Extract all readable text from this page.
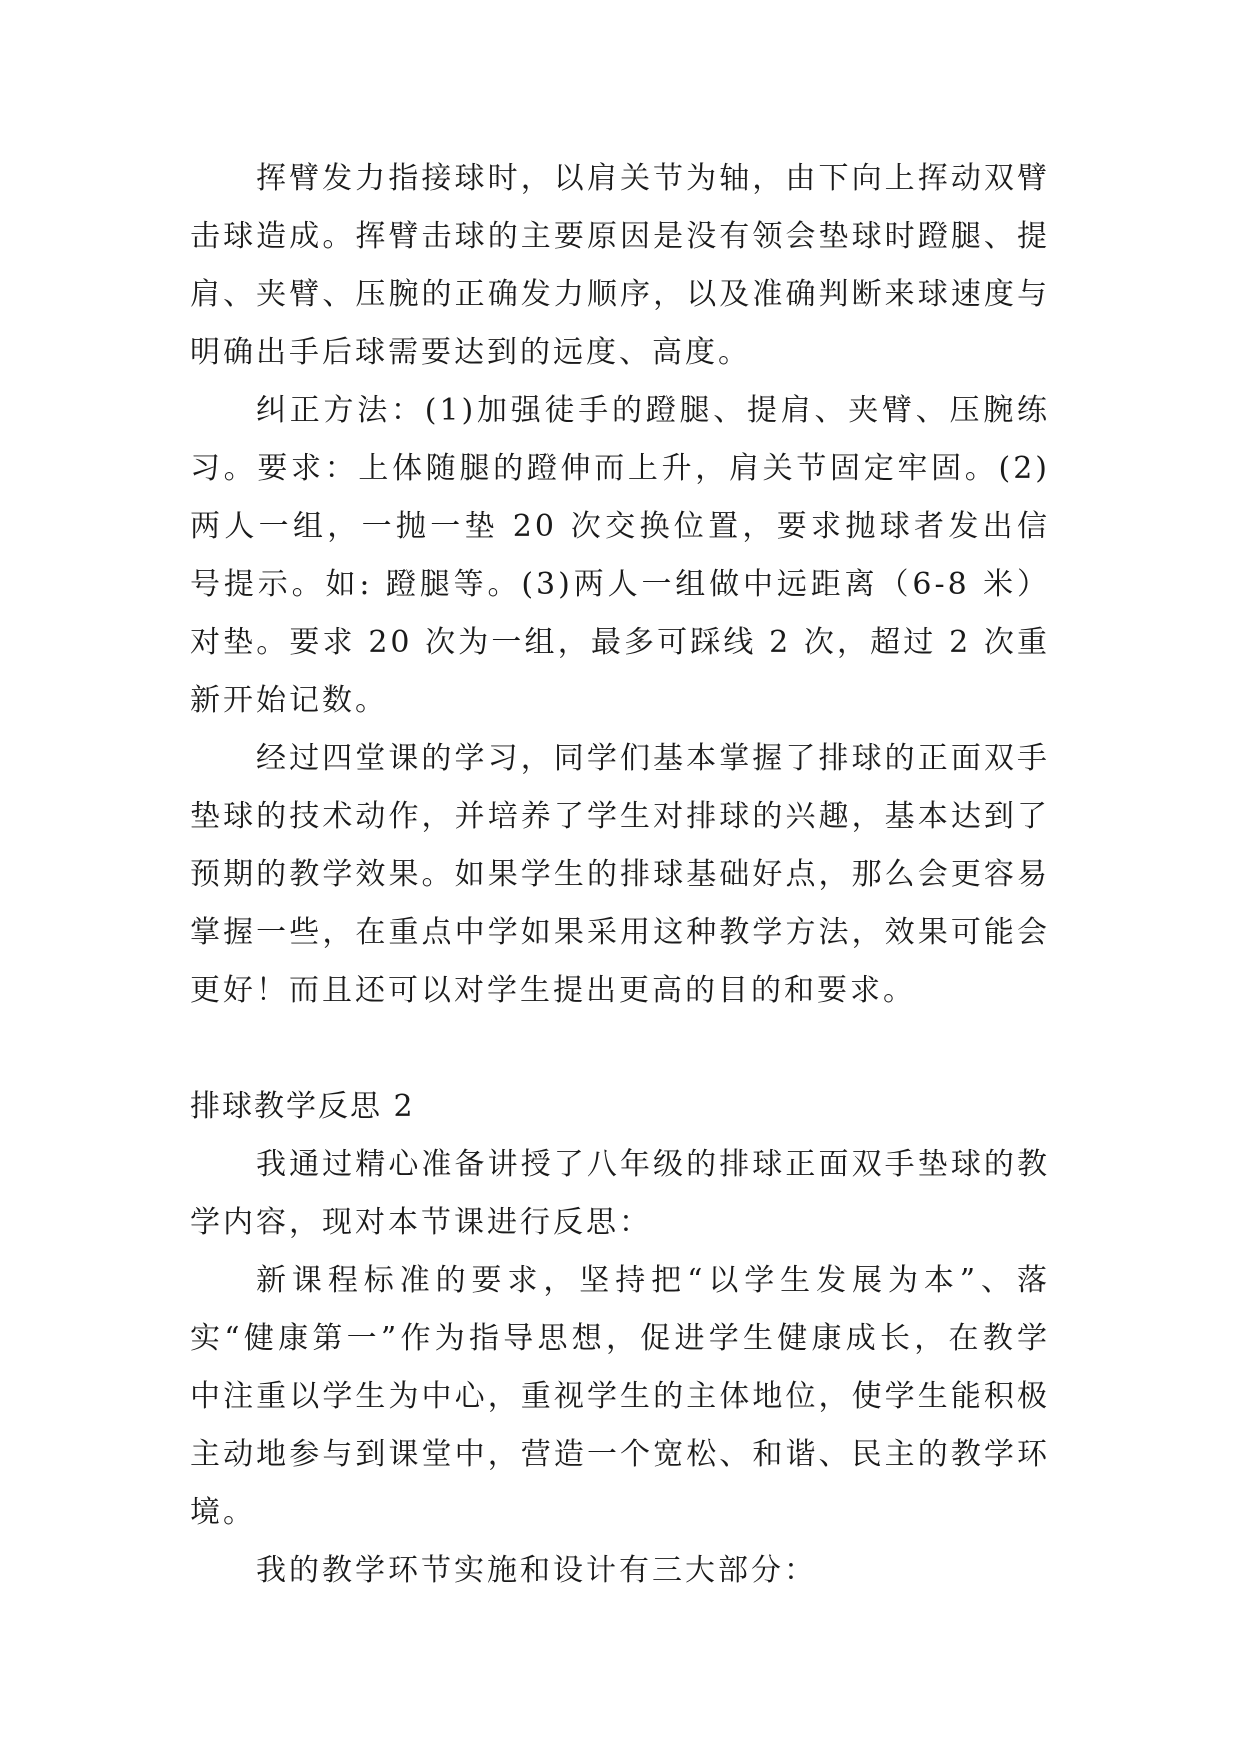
挥臂发力指接球时，以肩关节为轴，由下向上挥动双臂击球造成。挥臂击球的主要原因是没有领会垫球时蹬腿、提肩、夹臂、压腕的正确发力顺序，以及准确判断来球速度与明确出手后球需要达到的远度、高度。

纠正方法：(1)加强徒手的蹬腿、提肩、夹臂、压腕练习。要求：上体随腿的蹬伸而上升，肩关节固定牢固。(2)两人一组，一抛一垫 20 次交换位置，要求抛球者发出信号提示。如: 蹬腿等。(3)两人一组做中远距离（6-8 米）对垫。要求 20 次为一组，最多可踩线 2 次，超过 2 次重新开始记数。

经过四堂课的学习，同学们基本掌握了排球的正面双手垫球的技术动作，并培养了学生对排球的兴趣，基本达到了预期的教学效果。如果学生的排球基础好点，那么会更容易掌握一些，在重点中学如果采用这种教学方法，效果可能会更好！而且还可以对学生提出更高的目的和要求。

排球教学反思 2

我通过精心准备讲授了八年级的排球正面双手垫球的教学内容，现对本节课进行反思：

新课程标准的要求，坚持把“以学生发展为本”、落实“健康第一”作为指导思想，促进学生健康成长，在教学中注重以学生为中心，重视学生的主体地位，使学生能积极主动地参与到课堂中，营造一个宽松、和谐、民主的教学环境。

我的教学环节实施和设计有三大部分：
